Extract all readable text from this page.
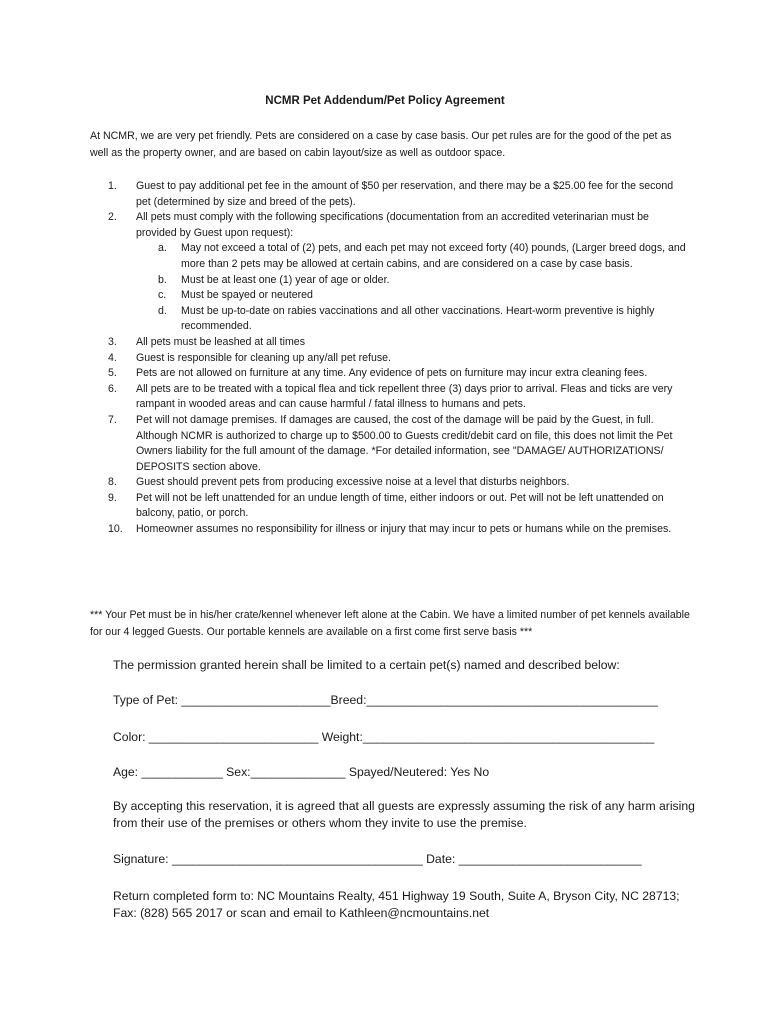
NCMR Pet Addendum/Pet Policy Agreement
At NCMR, we are very pet friendly. Pets are considered on a case by case basis. Our pet rules are for the good of the pet as well as the property owner, and are based on cabin layout/size as well as outdoor space.
1.	Guest to pay additional pet fee in the amount of $50 per reservation, and there may be a $25.00 fee for the second pet (determined by size and breed of the pets).
2.	All pets must comply with the following specifications (documentation from an accredited veterinarian must be provided by Guest upon request):
a. May not exceed a total of (2) pets, and each pet may not exceed forty (40) pounds, (Larger breed dogs, and more than 2 pets may be allowed at certain cabins, and are considered on a case by case basis.
b. Must be at least one (1) year of age or older.
c. Must be spayed or neutered
d. Must be up-to-date on rabies vaccinations and all other vaccinations. Heart-worm preventive is highly recommended.
3.	All pets must be leashed at all times
4.	Guest is responsible for cleaning up any/all pet refuse.
5.	Pets are not allowed on furniture at any time. Any evidence of pets on furniture may incur extra cleaning fees.
6.	All pets are to be treated with a topical flea and tick repellent three (3) days prior to arrival. Fleas and ticks are very rampant in wooded areas and can cause harmful / fatal illness to humans and pets.
7.	Pet will not damage premises. If damages are caused, the cost of the damage will be paid by the Guest, in full. Although NCMR is authorized to charge up to $500.00 to Guests credit/debit card on file, this does not limit the Pet Owners liability for the full amount of the damage. *For detailed information, see "DAMAGE/ AUTHORIZATIONS/ DEPOSITS section above.
8.	Guest should prevent pets from producing excessive noise at a level that disturbs neighbors.
9.	Pet will not be left unattended for an undue length of time, either indoors or out. Pet will not be left unattended on balcony, patio, or porch.
10.	Homeowner assumes no responsibility for illness or injury that may incur to pets or humans while on the premises.
*** Your Pet must be in his/her crate/kennel whenever left alone at the Cabin. We have a limited number of pet kennels available for our 4 legged Guests. Our portable kennels are available on a first come first serve basis ***
The permission granted herein shall be limited to a certain pet(s) named and described below:
Type of Pet: ______________________Breed:___________________________________________
Color: _________________________ Weight:___________________________________________
Age: ____________ Sex:______________ Spayed/Neutered: Yes No
By accepting this reservation, it is agreed that all guests are expressly assuming the risk of any harm arising from their use of the premises or others whom they invite to use the premise.
Signature: _____________________________________ Date: ___________________________
Return completed form to: NC Mountains Realty, 451 Highway 19 South, Suite A, Bryson City, NC 28713; Fax: (828) 565 2017 or scan and email to Kathleen@ncmountains.net
